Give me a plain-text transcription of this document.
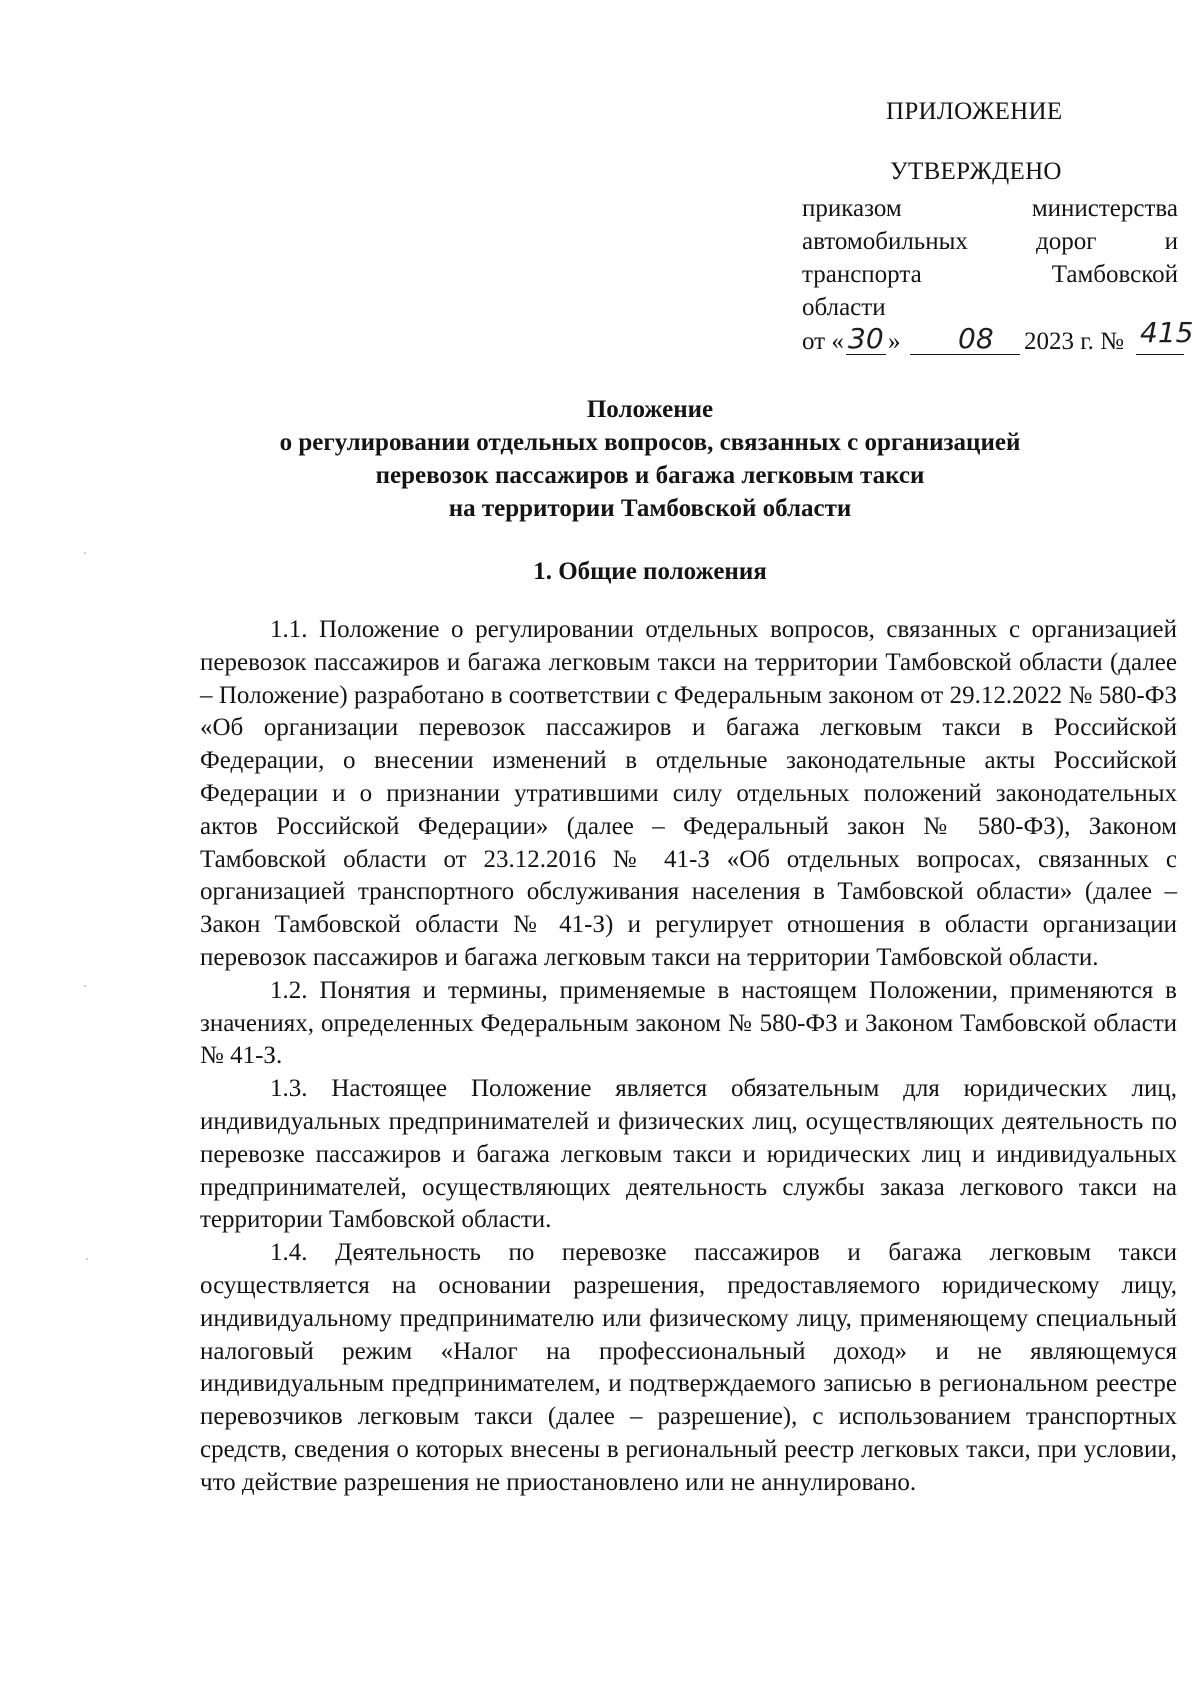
ПРИЛОЖЕНИЕ
УТВЕРЖДЕНО
приказом	министерства
автомобильных	дорог	и
транспорта	Тамбовской
области
от « 30 » 08 2023 г. № 415
Положение
о регулировании отдельных вопросов, связанных с организацией
перевозок пассажиров и багажа легковым такси
на территории Тамбовской области
1. Общие положения

1.1. Положение о регулировании отдельных вопросов, связанных с организацией перевозок пассажиров и багажа легковым такси на территории Тамбовской области (далее – Положение) разработано в соответствии с Федеральным законом от 29.12.2022 № 580-ФЗ «Об организации перевозок пассажиров и багажа легковым такси в Российской Федерации, о внесении изменений в отдельные законодательные акты Российской Федерации и о признании утратившими силу отдельных положений законодательных актов Российской Федерации» (далее – Федеральный закон № 580-ФЗ), Законом Тамбовской области от 23.12.2016 № 41-З «Об отдельных вопросах, связанных с организацией транспортного обслуживания населения в Тамбовской области» (далее – Закон Тамбовской области № 41-З) и регулирует отношения в области организации перевозок пассажиров и багажа легковым такси на территории Тамбовской области.

1.2. Понятия и термины, применяемые в настоящем Положении, применяются в значениях, определенных Федеральным законом № 580-ФЗ и Законом Тамбовской области № 41-З.

1.3. Настоящее Положение является обязательным для юридических лиц, индивидуальных предпринимателей и физических лиц, осуществляющих деятельность по перевозке пассажиров и багажа легковым такси и юридических лиц и индивидуальных предпринимателей, осуществляющих деятельность службы заказа легкового такси на территории Тамбовской области.

1.4. Деятельность по перевозке пассажиров и багажа легковым такси осуществляется на основании разрешения, предоставляемого юридическому лицу, индивидуальному предпринимателю или физическому лицу, применяющему специальный налоговый режим «Налог на профессиональный доход» и не являющемуся индивидуальным предпринимателем, и подтверждаемого записью в региональном реестре перевозчиков легковым такси (далее – разрешение), с использованием транспортных средств, сведения о которых внесены в региональный реестр легковых такси, при условии, что действие разрешения не приостановлено или не аннулировано.
